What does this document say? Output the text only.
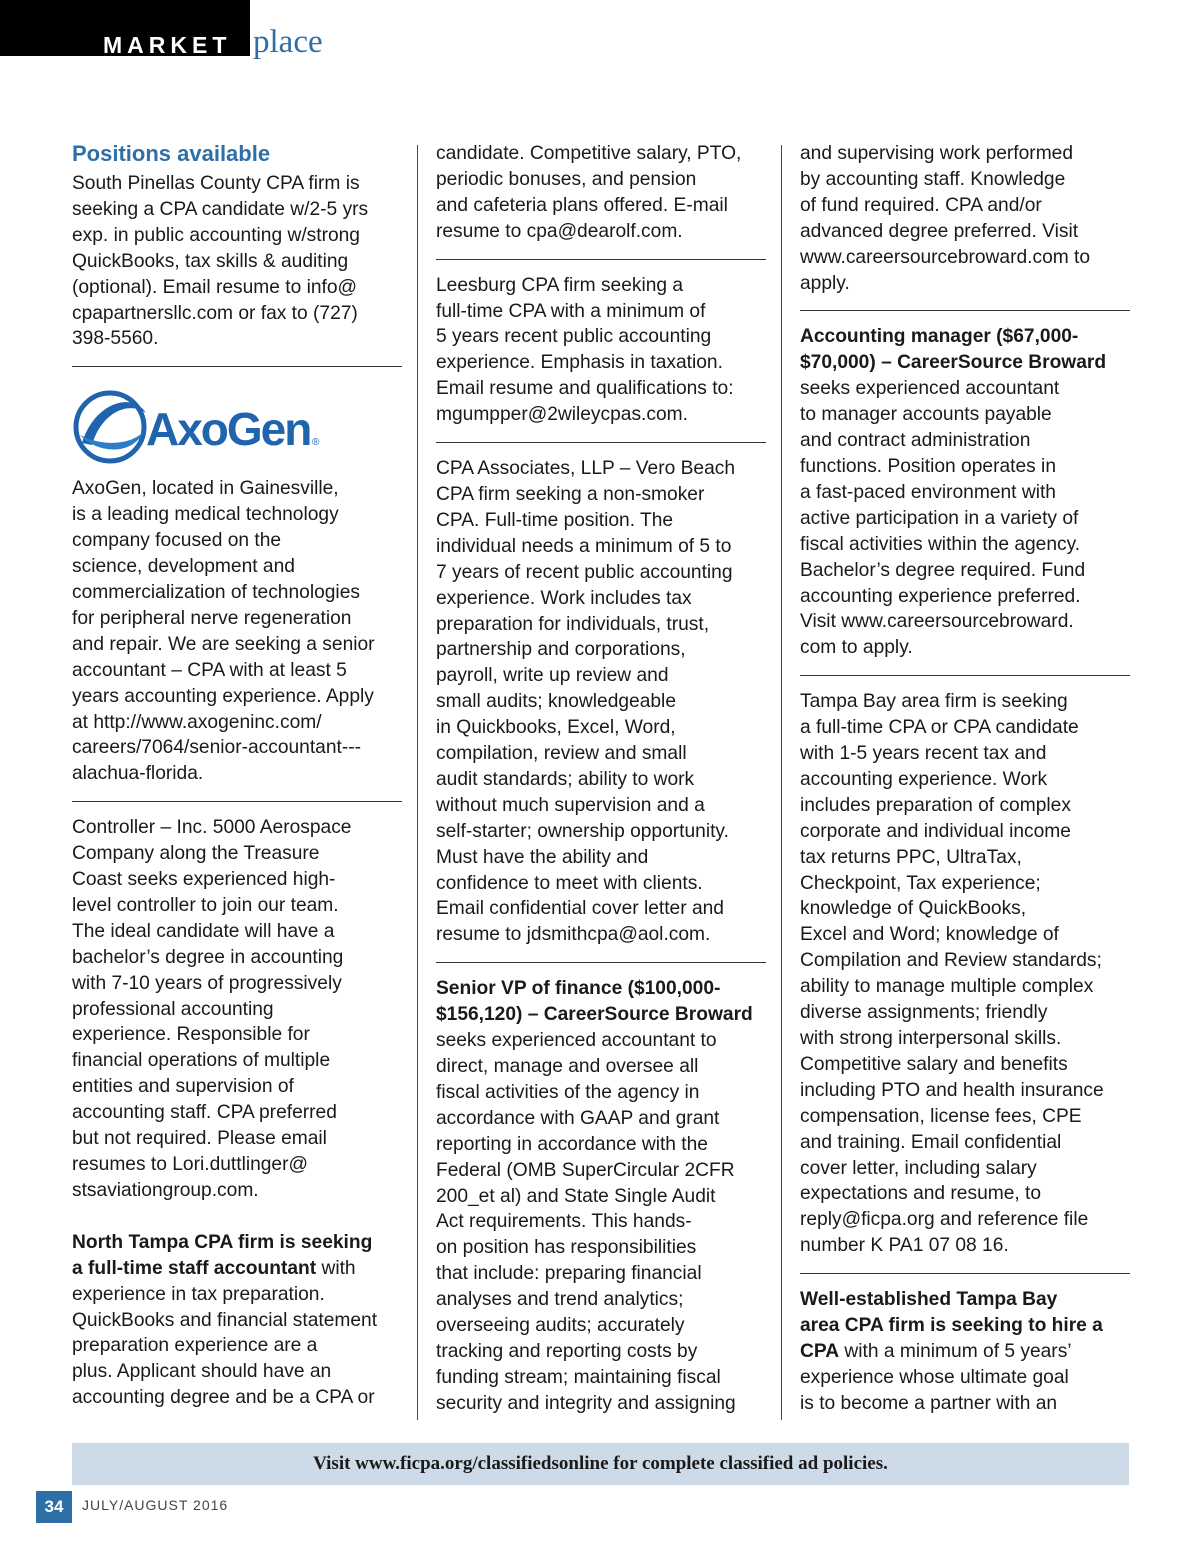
MARKET place
Positions available

South Pinellas County CPA firm is

seeking a CPA candidate w/2-5 yrs

exp. in public accounting w/strong

QuickBooks, tax skills & auditing

(optional). Email resume to info@

cpapartnersllc.com or fax to (727)

398-5560.

AxoGen ®

AxoGen, located in Gainesville,

is a leading medical technology

company focused on the

science, development and

commercialization of technologies

for peripheral nerve regeneration

and repair. We are seeking a senior

accountant – CPA with at least 5

years accounting experience. Apply

at http://www.axogeninc.com/

careers/7064/senior-accountant---

alachua-florida.

Controller – Inc. 5000 Aerospace

Company along the Treasure

Coast seeks experienced high-

level controller to join our team.

The ideal candidate will have a

bachelor’s degree in accounting

with 7-10 years of progressively

professional accounting

experience. Responsible for

financial operations of multiple

entities and supervision of

accounting staff. CPA preferred

but not required. Please email

resumes to Lori.duttlinger@

stsaviationgroup.com.

North Tampa CPA firm is seeking

a full-time staff accountant with

experience in tax preparation.

QuickBooks and financial statement

preparation experience are a

plus. Applicant should have an

accounting degree and be a CPA or

candidate. Competitive salary, PTO,

periodic bonuses, and pension

and cafeteria plans offered. E-mail

resume to cpa@dearolf.com.

Leesburg CPA firm seeking a

full-time CPA with a minimum of

5 years recent public accounting

experience. Emphasis in taxation.

Email resume and qualifications to:

mgumpper@2wileycpas.com.

CPA Associates, LLP – Vero Beach

CPA firm seeking a non-smoker

CPA. Full-time position. The

individual needs a minimum of 5 to

7 years of recent public accounting

experience. Work includes tax

preparation for individuals, trust,

partnership and corporations,

payroll, write up review and

small audits; knowledgeable

in Quickbooks, Excel, Word,

compilation, review and small

audit standards; ability to work

without much supervision and a

self-starter; ownership opportunity.

Must have the ability and

confidence to meet with clients.

Email confidential cover letter and

resume to jdsmithcpa@aol.com.

Senior VP of finance ($100,000-

$156,120) – CareerSource Broward

seeks experienced accountant to

direct, manage and oversee all

fiscal activities of the agency in

accordance with GAAP and grant

reporting in accordance with the

Federal (OMB SuperCircular 2CFR

200_et al) and State Single Audit

Act requirements. This hands-

on position has responsibilities

that include: preparing financial

analyses and trend analytics;

overseeing audits; accurately

tracking and reporting costs by

funding stream; maintaining fiscal

security and integrity and assigning

and supervising work performed

by accounting staff. Knowledge

of fund required. CPA and/or

advanced degree preferred. Visit

www.careersourcebroward.com to

apply.

Accounting manager ($67,000-

$70,000) – CareerSource Broward

seeks experienced accountant

to manager accounts payable

and contract administration

functions. Position operates in

a fast-paced environment with

active participation in a variety of

fiscal activities within the agency.

Bachelor’s degree required. Fund

accounting experience preferred.

Visit www.careersourcebroward.

com to apply.

Tampa Bay area firm is seeking

a full-time CPA or CPA candidate

with 1-5 years recent tax and

accounting experience. Work

includes preparation of complex

corporate and individual income

tax returns PPC, UltraTax,

Checkpoint, Tax experience;

knowledge of QuickBooks,

Excel and Word; knowledge of

Compilation and Review standards;

ability to manage multiple complex

diverse assignments; friendly

with strong interpersonal skills.

Competitive salary and benefits

including PTO and health insurance

compensation, license fees, CPE

and training. Email confidential

cover letter, including salary

expectations and resume, to

reply@ficpa.org and reference file

number K PA1 07 08 16.

Well-established Tampa Bay

area CPA firm is seeking to hire a

CPA with a minimum of 5 years’

experience whose ultimate goal

is to become a partner with an

Visit www.ficpa.org/classifiedsonline for complete classified ad policies.
34	JULY/AUGUST 2016
